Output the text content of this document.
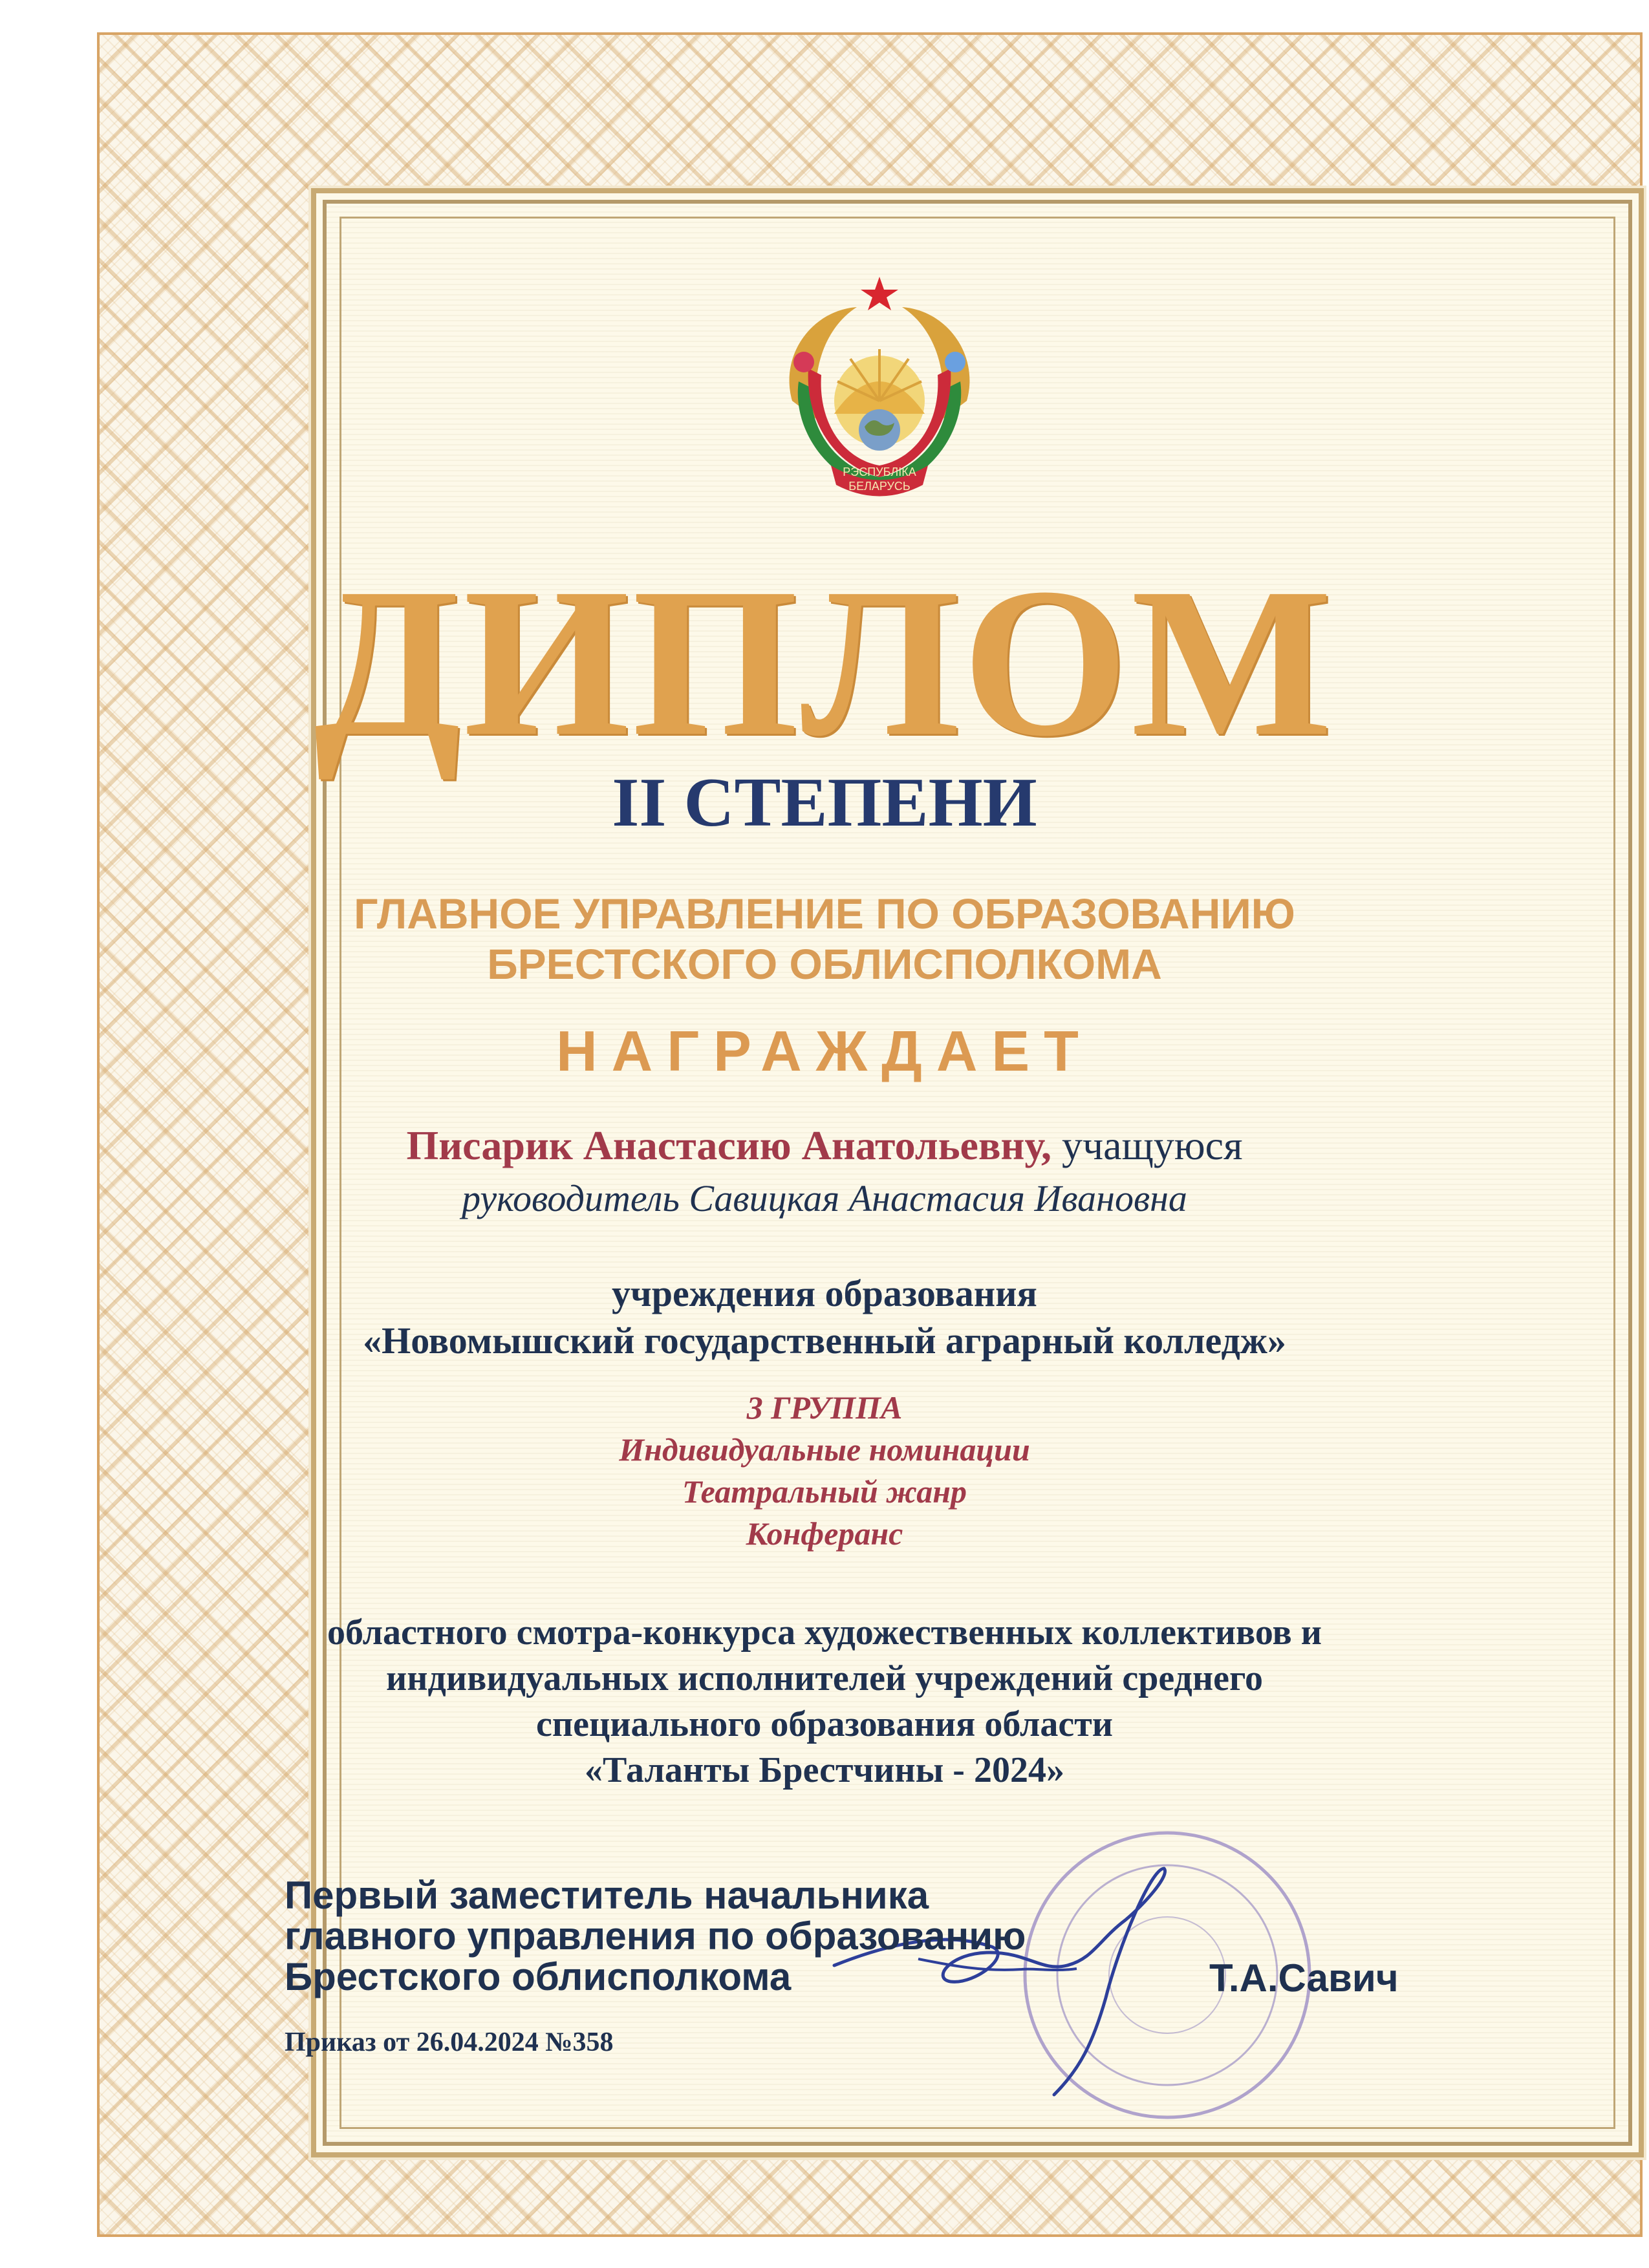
РЭСПУБЛІКА
БЕЛАРУСЬ
ДИПЛОМ
II СТЕПЕНИ
ГЛАВНОЕ УПРАВЛЕНИЕ ПО ОБРАЗОВАНИЮ
БРЕСТСКОГО ОБЛИСПОЛКОМА
НАГРАЖДАЕТ
Писарик Анастасию Анатольевну, учащуюся
руководитель Савицкая Анастасия Ивановна
учреждения образования
«Новомышский государственный аграрный колледж»
3 ГРУППА
Индивидуальные номинации
Театральный жанр
Конферанс
областного смотра-конкурса художественных коллективов и
индивидуальных исполнителей учреждений среднего
специального образования области
«Таланты Брестчины - 2024»
Первый заместитель начальника
главного управления по образованию
Брестского облисполкома	Т.А.Савич
Приказ от 26.04.2024 №358
